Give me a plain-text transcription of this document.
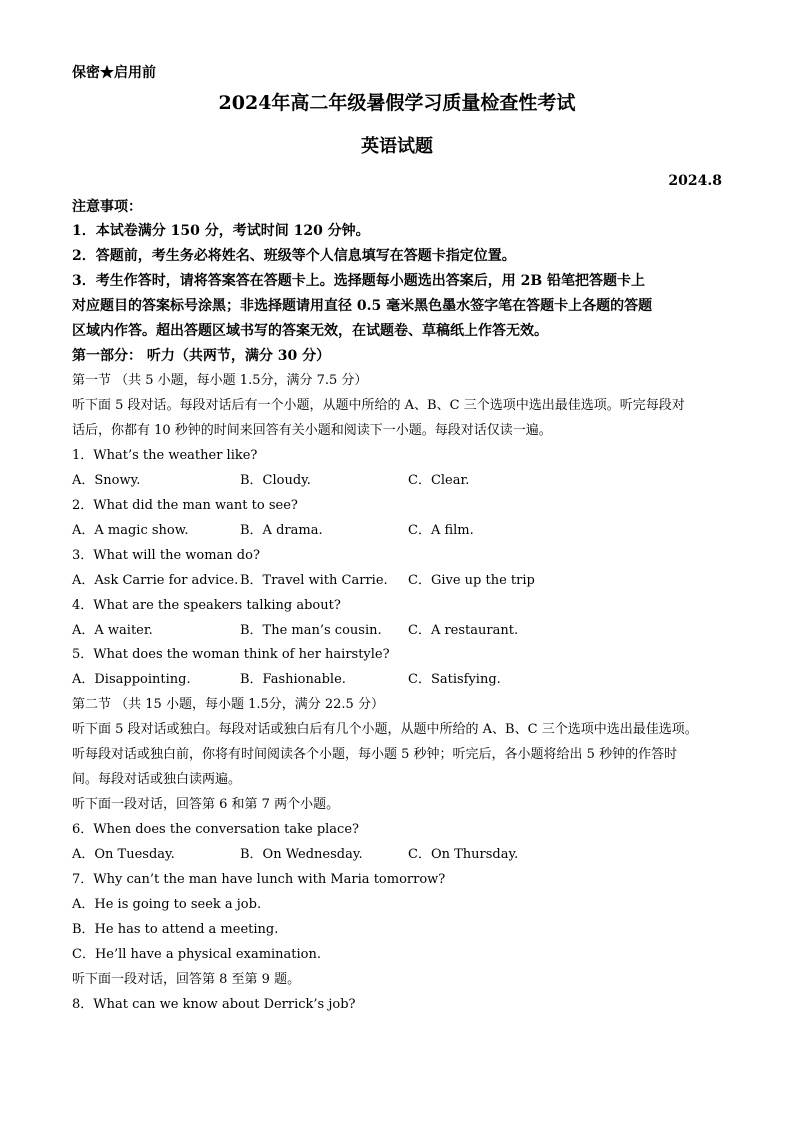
保密★启用前
2024年高二年级暑假学习质量检查性考试
英语试题
2024.8
注意事项：
1．本试卷满分 150 分，考试时间 120 分钟。
2．答题前，考生务必将姓名、班级等个人信息填写在答题卡指定位置。
3．考生作答时，请将答案答在答题卡上。选择题每小题选出答案后，用 2B 铅笔把答题卡上
对应题目的答案标号涂黑；非选择题请用直径 0.5 毫米黑色墨水签字笔在答题卡上各题的答题
区域内作答。超出答题区域书写的答案无效，在试题卷、草稿纸上作答无效。
第一部分： 听力（共两节，满分 30 分）
第一节 （共 5 小题，每小题 1.5分，满分 7.5 分）
听下面 5 段对话。每段对话后有一个小题，从题中所给的 A、B、C 三个选项中选出最佳选项。听完每段对
话后，你都有 10 秒钟的时间来回答有关小题和阅读下一小题。每段对话仅读一遍。
1．What’s the weather like?
A．Snowy.	B．Cloudy.	C．Clear.
2．What did the man want to see?
A．A magic show.	B．A drama.	C．A film.
3．What will the woman do?
A．Ask Carrie for advice. B．Travel with Carrie. C．Give up the trip
4．What are the speakers talking about?
A．A waiter.	B．The man’s cousin. C．A restaurant.
5．What does the woman think of her hairstyle?
A．Disappointing.	B．Fashionable.	C．Satisfying.
第二节 （共 15 小题，每小题 1.5分，满分 22.5 分）
听下面 5 段对话或独白。每段对话或独白后有几个小题，从题中所给的 A、B、C 三个选项中选出最佳选项。
听每段对话或独白前，你将有时间阅读各个小题，每小题 5 秒钟；听完后，各小题将给出 5 秒钟的作答时
间。每段对话或独白读两遍。
听下面一段对话，回答第 6 和第 7 两个小题。
6．When does the conversation take place?
A．On Tuesday.	B．On Wednesday.	C．On Thursday.
7．Why can’t the man have lunch with Maria tomorrow?
A．He is going to seek a job.
B．He has to attend a meeting.
C．He’ll have a physical examination.
听下面一段对话，回答第 8 至第 9 题。
8．What can we know about Derrick’s job?
